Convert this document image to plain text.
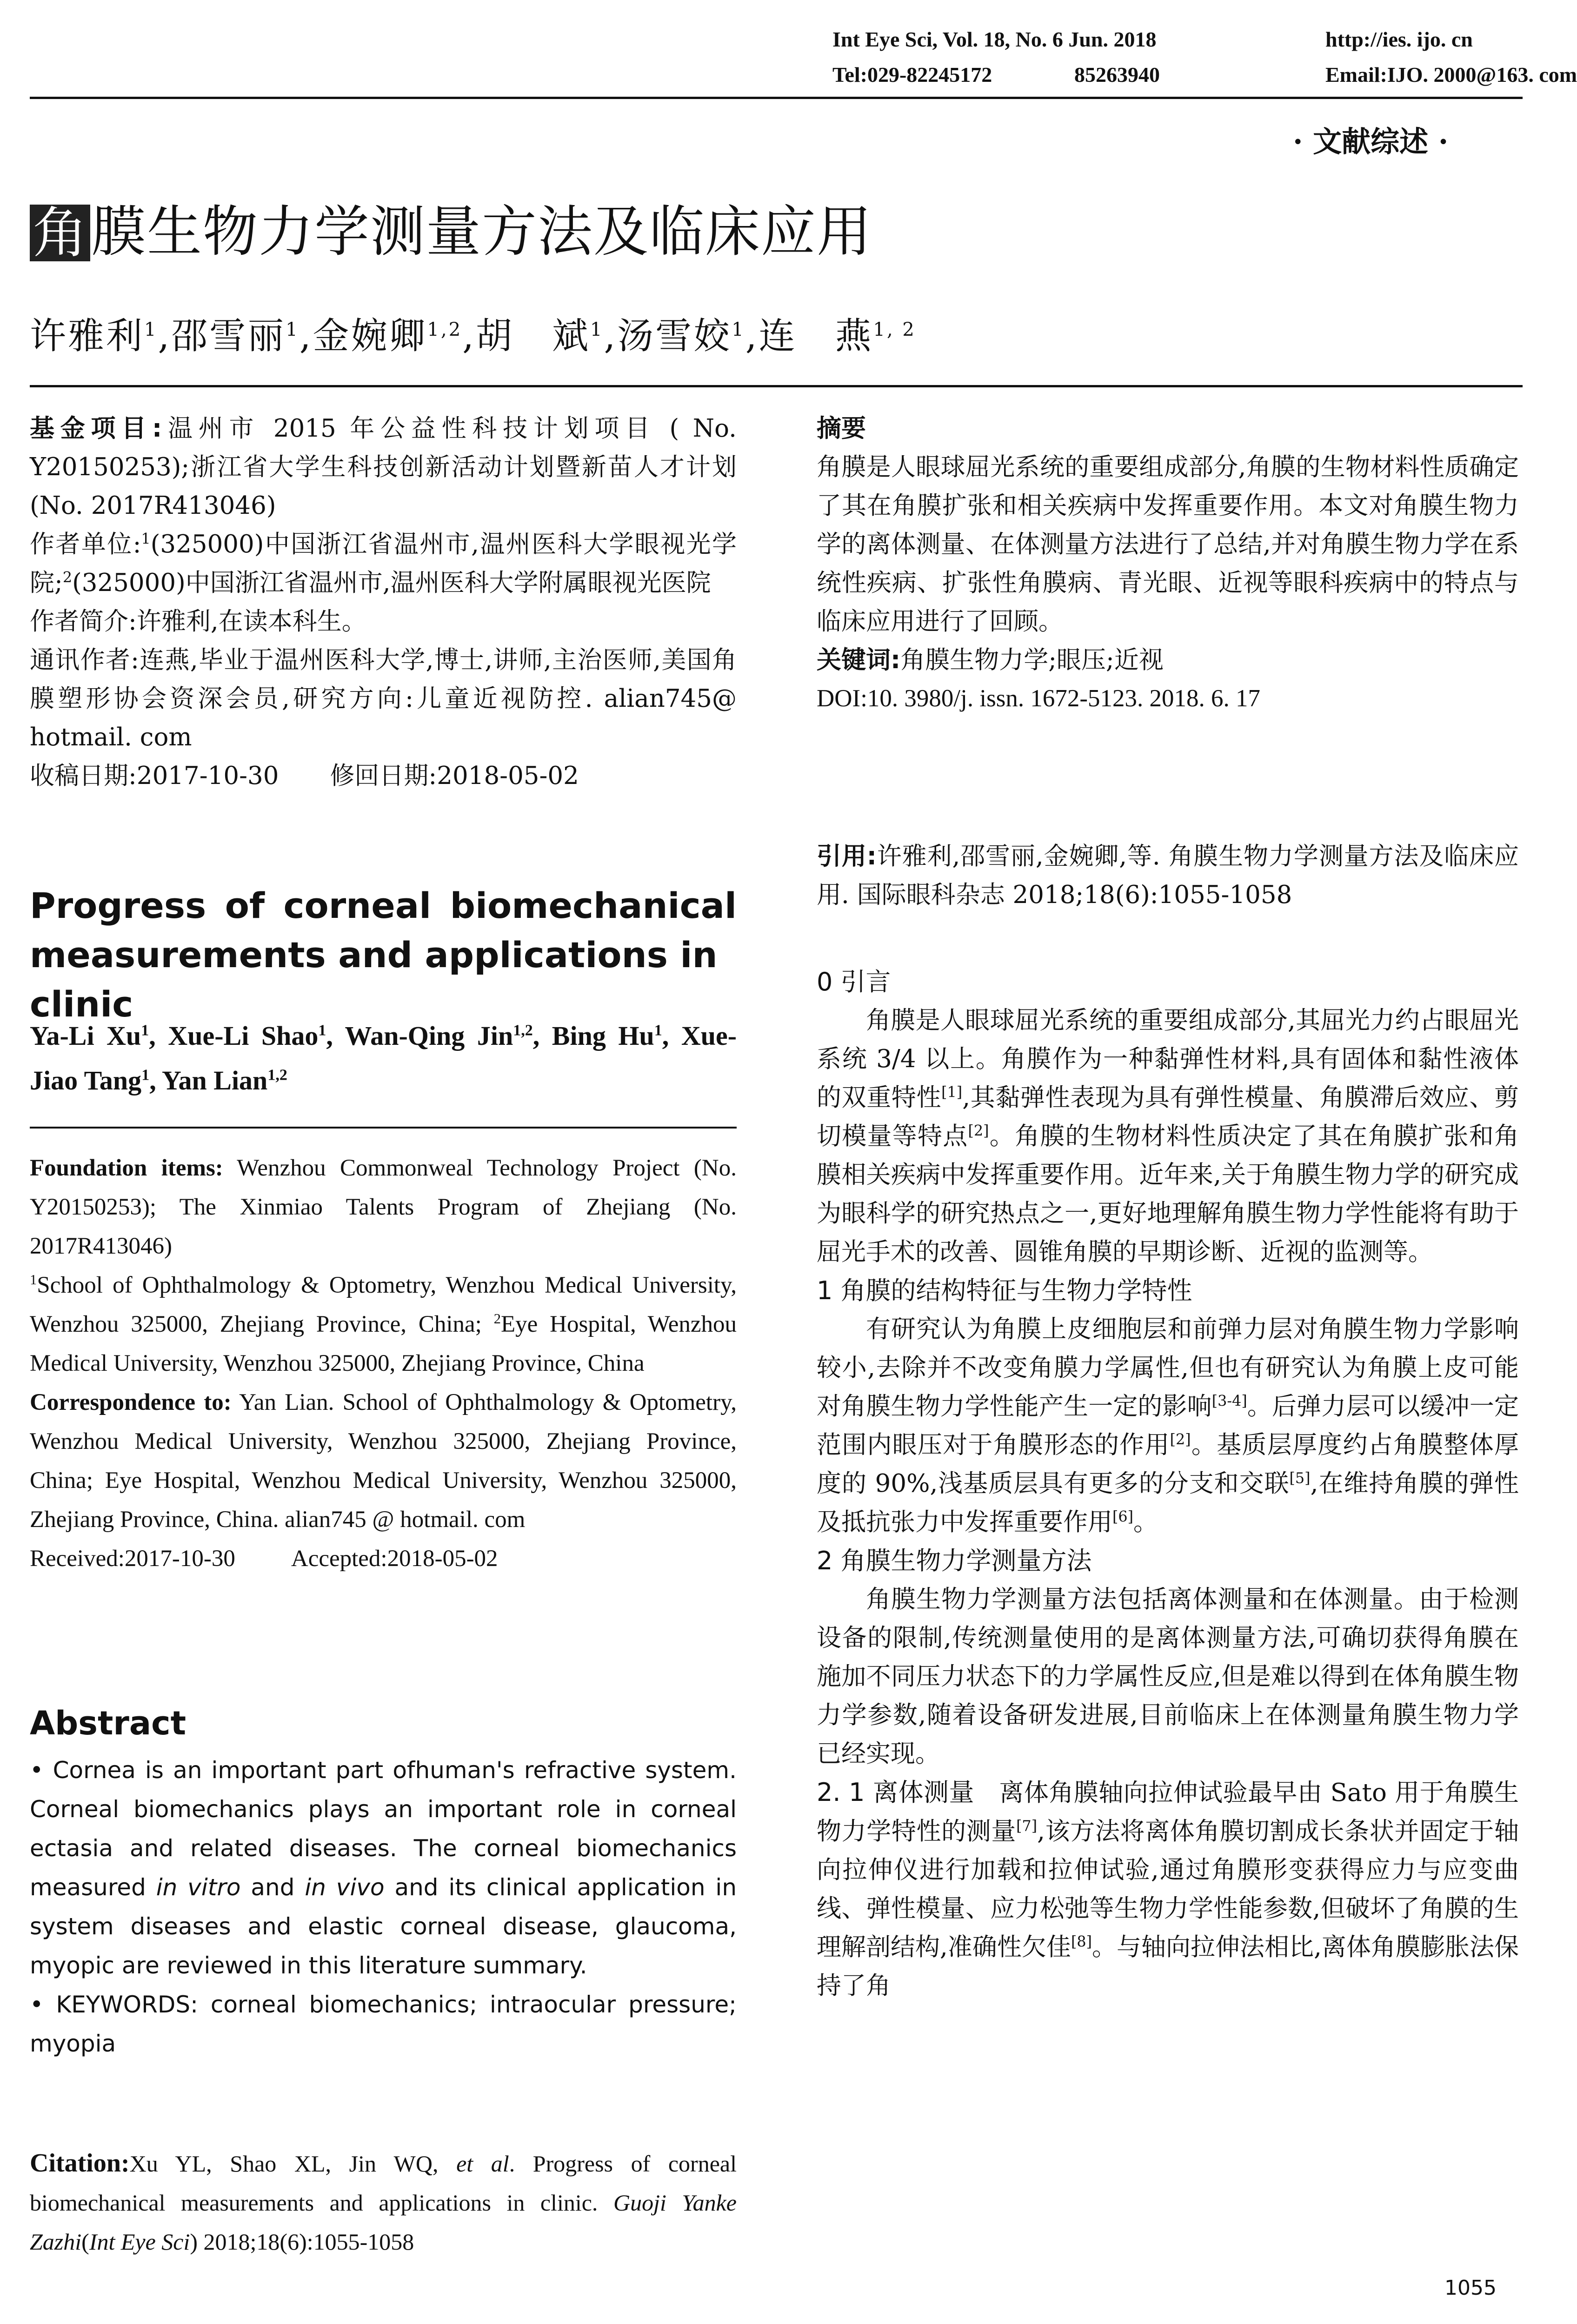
Int Eye Sci, Vol. 18, No. 6 Jun. 2018	http://ies. ijo. cn
Tel:029-82245172	85263940	Email:IJO. 2000@163. com
· 文献综述 ·
角 膜生物力学测量方法及临床应用
许雅利$^1$,邵雪丽$^1$,金婉卿$^{1,2}$,胡　斌$^1$,汤雪姣$^1$,连　燕$^{1, 2}$

基金项目:温州市 2015 年公益性科技计划项目 ( No. Y20150253);浙江省大学生科技创新活动计划暨新苗人才计划(No. 2017R413046)

作者单位:$^1$(325000)中国浙江省温州市,温州医科大学眼视光学院;$^2$(325000)中国浙江省温州市,温州医科大学附属眼视光医院

作者简介:许雅利,在读本科生。

通讯作者:连燕,毕业于温州医科大学,博士,讲师,主治医师,美国角膜塑形协会资深会员,研究方向:儿童近视防控. alian745@ hotmail. com

收稿日期:2017-10-30 修回日期:2018-05-02

Progress of corneal biomechanical
measurements and applications in clinic
Ya-Li Xu$^1$, Xue-Li Shao$^1$, Wan-Qing Jin$^{1,2}$, Bing Hu$^1$, Xue-Jiao Tang$^1$, Yan Lian$^{1,2}$

Foundation items: Wenzhou Commonweal Technology Project (No. Y20150253); The Xinmiao Talents Program of Zhejiang (No. 2017R413046)

$^1$School of Ophthalmology & Optometry, Wenzhou Medical University, Wenzhou 325000, Zhejiang Province, China; $^2$Eye Hospital, Wenzhou Medical University, Wenzhou 325000, Zhejiang Province, China

Correspondence to: Yan Lian. School of Ophthalmology & Optometry, Wenzhou Medical University, Wenzhou 325000, Zhejiang Province, China; Eye Hospital, Wenzhou Medical University, Wenzhou 325000, Zhejiang Province, China. alian745 @ hotmail. com

Received:2017-10-30 Accepted:2018-05-02

Abstract

• Cornea is an important part ofhuman's refractive system. Corneal biomechanics plays an important role in corneal ectasia and related diseases. The corneal biomechanics measured in vitro and in vivo and its clinical application in system diseases and elastic corneal disease, glaucoma, myopic are reviewed in this literature summary.

• KEYWORDS: corneal biomechanics; intraocular pressure; myopia

Citation:Xu YL, Shao XL, Jin WQ, et al. Progress of corneal biomechanical measurements and applications in clinic. Guoji Yanke Zazhi(Int Eye Sci) 2018;18(6):1055-1058

摘要

角膜是人眼球屈光系统的重要组成部分,角膜的生物材料性质确定了其在角膜扩张和相关疾病中发挥重要作用。本文对角膜生物力学的离体测量、在体测量方法进行了总结,并对角膜生物力学在系统性疾病、扩张性角膜病、青光眼、近视等眼科疾病中的特点与临床应用进行了回顾。

关键词:角膜生物力学;眼压;近视

DOI:10. 3980/j. issn. 1672-5123. 2018. 6. 17

引用:许雅利,邵雪丽,金婉卿,等. 角膜生物力学测量方法及临床应用. 国际眼科杂志 2018;18(6):1055-1058

0 引言

角膜是人眼球屈光系统的重要组成部分,其屈光力约占眼屈光系统 3/4 以上。角膜作为一种黏弹性材料,具有固体和黏性液体的双重特性[1],其黏弹性表现为具有弹性模量、角膜滞后效应、剪切模量等特点[2]。角膜的生物材料性质决定了其在角膜扩张和角膜相关疾病中发挥重要作用。近年来,关于角膜生物力学的研究成为眼科学的研究热点之一,更好地理解角膜生物力学性能将有助于屈光手术的改善、圆锥角膜的早期诊断、近视的监测等。

1 角膜的结构特征与生物力学特性

有研究认为角膜上皮细胞层和前弹力层对角膜生物力学影响较小,去除并不改变角膜力学属性,但也有研究认为角膜上皮可能对角膜生物力学性能产生一定的影响[3-4]。后弹力层可以缓冲一定范围内眼压对于角膜形态的作用[2]。基质层厚度约占角膜整体厚度的 90%,浅基质层具有更多的分支和交联[5],在维持角膜的弹性及抵抗张力中发挥重要作用[6]。

2 角膜生物力学测量方法

角膜生物力学测量方法包括离体测量和在体测量。由于检测设备的限制,传统测量使用的是离体测量方法,可确切获得角膜在施加不同压力状态下的力学属性反应,但是难以得到在体角膜生物力学参数,随着设备研发进展,目前临床上在体测量角膜生物力学已经实现。

2. 1 离体测量　 离体角膜轴向拉伸试验最早由 Sato 用于角膜生物力学特性的测量[7],该方法将离体角膜切割成长条状并固定于轴向拉伸仪进行加载和拉伸试验,通过角膜形变获得应力与应变曲线、弹性模量、应力松弛等生物力学性能参数,但破坏了角膜的生理解剖结构,准确性欠佳[8]。与轴向拉伸法相比,离体角膜膨胀法保持了角

1055
